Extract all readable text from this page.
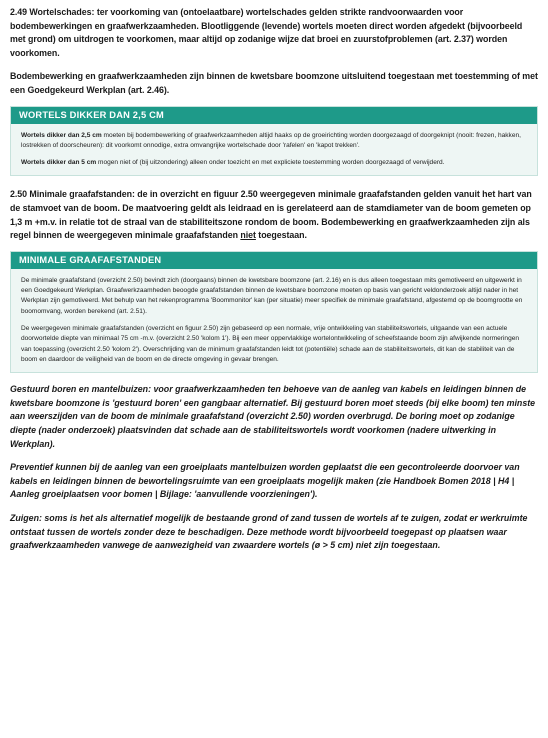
2.49 Wortelschades: ter voorkoming van (ontoelaatbare) wortelschades gelden strikte randvoorwaarden voor bodembewerkingen en graafwerkzaamheden. Blootliggende (levende) wortels moeten direct worden afgedekt (bijvoorbeeld met grond) om uitdrogen te voorkomen, maar altijd op zodanige wijze dat broei en zuurstofproblemen (art. 2.37) worden voorkomen.

Bodembewerking en graafwerkzaamheden zijn binnen de kwetsbare boomzone uitsluitend toegestaan met toestemming of met een Goedgekeurd Werkplan (art. 2.46).

WORTELS DIKKER DAN 2,5 CM

Wortels dikker dan 2,5 cm moeten bij bodembewerking of graafwerkzaamheden altijd haaks op de groeirichting worden doorgezaagd of doorgeknipt (nooit: frezen, hakken, lostrekken of doorscheuren): dit voorkomt onnodige, extra omvangrijke wortelschade door 'rafelen' en 'kapot trekken'.

Wortels dikker dan 5 cm mogen niet of (bij uitzondering) alleen onder toezicht en met expliciete toestemming worden doorgezaagd of verwijderd.

2.50 Minimale graafafstanden: de in overzicht en figuur 2.50 weergegeven minimale graafafstanden gelden vanuit het hart van de stamvoet van de boom. De maatvoering geldt als leidraad en is gerelateerd aan de stamdiameter van de boom gemeten op 1,3 m +m.v. in relatie tot de straal van de stabiliteitszone rondom de boom. Bodembewerking en graafwerkzaamheden zijn als regel binnen de weergegeven minimale graafafstanden niet toegestaan.

MINIMALE GRAAFAFSTANDEN

De minimale graafafstand (overzicht 2.50) bevindt zich (doorgaans) binnen de kwetsbare boomzone (art. 2.16) en is dus alleen toegestaan mits gemotiveerd en uitgewerkt in een Goedgekeurd Werkplan. Graafwerkzaamheden beoogde graafafstanden binnen de kwetsbare boomzone moeten op basis van gericht veldonderzoek altijd nader in het Werkplan zijn gemotiveerd. Met behulp van het rekenprogramma 'Boommonitor' kan (per situatie) meer specifiek de minimale graafafstand, afgestemd op de boomgrootte en boomomvang, worden berekend (art. 2.51).

De weergegeven minimale graafafstanden (overzicht en figuur 2.50) zijn gebaseerd op een normale, vrije ontwikkeling van stabiliteitswortels, uitgaande van een actuele doorwortelde diepte van minimaal 75 cm -m.v. (overzicht 2.50 'kolom 1'). Bij een meer oppervlakkige wortelontwikkeling of scheefstaande boom zijn afwijkende normeringen van toepassing (overzicht 2.50 'kolom 2'). Overschrijding van de minimum graafafstanden leidt tot (potentiële) schade aan de stabiliteitswortels, dit kan de stabiliteit van de boom en daardoor de veiligheid van de boom en de directe omgeving in gevaar brengen.

Gestuurd boren en mantelbuizen: voor graafwerkzaamheden ten behoeve van de aanleg van kabels en leidingen binnen de kwetsbare boomzone is 'gestuurd boren' een gangbaar alternatief. Bij gestuurd boren moet steeds (bij elke boom) ten minste aan weerszijden van de boom de minimale graafafstand (overzicht 2.50) worden overbrugd. De boring moet op zodanige diepte (nader onderzoek) plaatsvinden dat schade aan de stabiliteitswortels wordt voorkomen (nadere uitwerking in Werkplan).

Preventief kunnen bij de aanleg van een groeiplaats mantelbuizen worden geplaatst die een gecontroleerde doorvoer van kabels en leidingen binnen de bewortelingsruimte van een groeiplaats mogelijk maken (zie Handboek Bomen 2018 | H4 | Aanleg groeiplaatsen voor bomen | Bijlage: 'aanvullende voorzieningen').

Zuigen: soms is het als alternatief mogelijk de bestaande grond of zand tussen de wortels af te zuigen, zodat er werkruimte ontstaat tussen de wortels zonder deze te beschadigen. Deze methode wordt bijvoorbeeld toegepast op plaatsen waar graafwerkzaamheden vanwege de aanwezigheid van zwaardere wortels (ø > 5 cm) niet zijn toegestaan.
